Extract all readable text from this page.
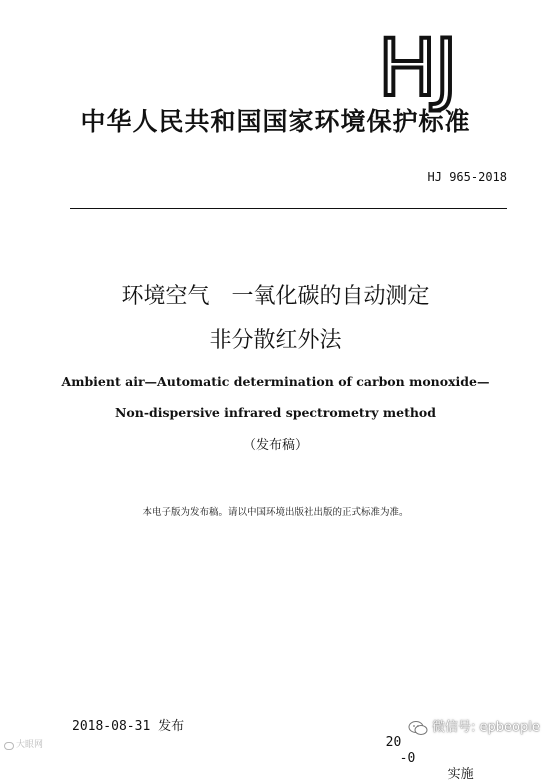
HJ
中华人民共和国国家环境保护标准
HJ 965-2018
环境空气　一氧化碳的自动测定
非分散红外法
Ambient air—Automatic determination of carbon monoxide—
Non-dispersive infrared spectrometry method
（发布稿）
本电子版为发布稿。请以中国环境出版社出版的正式标准为准。
2018-08-31 发布

20
-0
实施

大眼网
微信号: epbeople
